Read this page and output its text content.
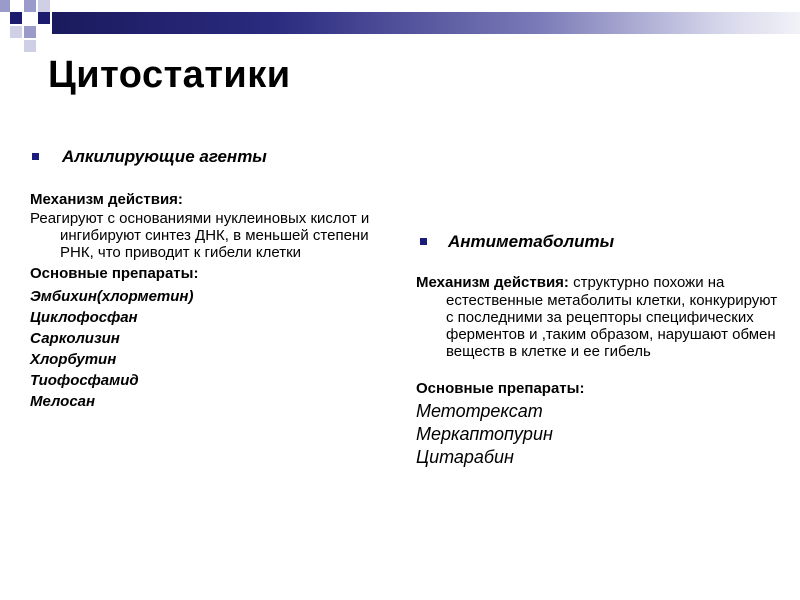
Цитостатики
Алкилирующие агенты
Механизм действия:
Реагируют с основаниями нуклеиновых кислот и ингибируют синтез ДНК, в меньшей степени РНК, что приводит к гибели клетки
Основные препараты:
Эмбихин(хлорметин)
Циклофосфан
Сарколизин
Хлорбутин
Тиофосфамид
Мелосан
Антиметаболиты
Механизм действия: структурно похожи на естественные метаболиты клетки, конкурируют с последними за рецепторы специфических ферментов и ,таким образом, нарушают обмен веществ в клетке и ее гибель
Основные препараты:
Метотрексат
Меркаптопурин
Цитарабин
